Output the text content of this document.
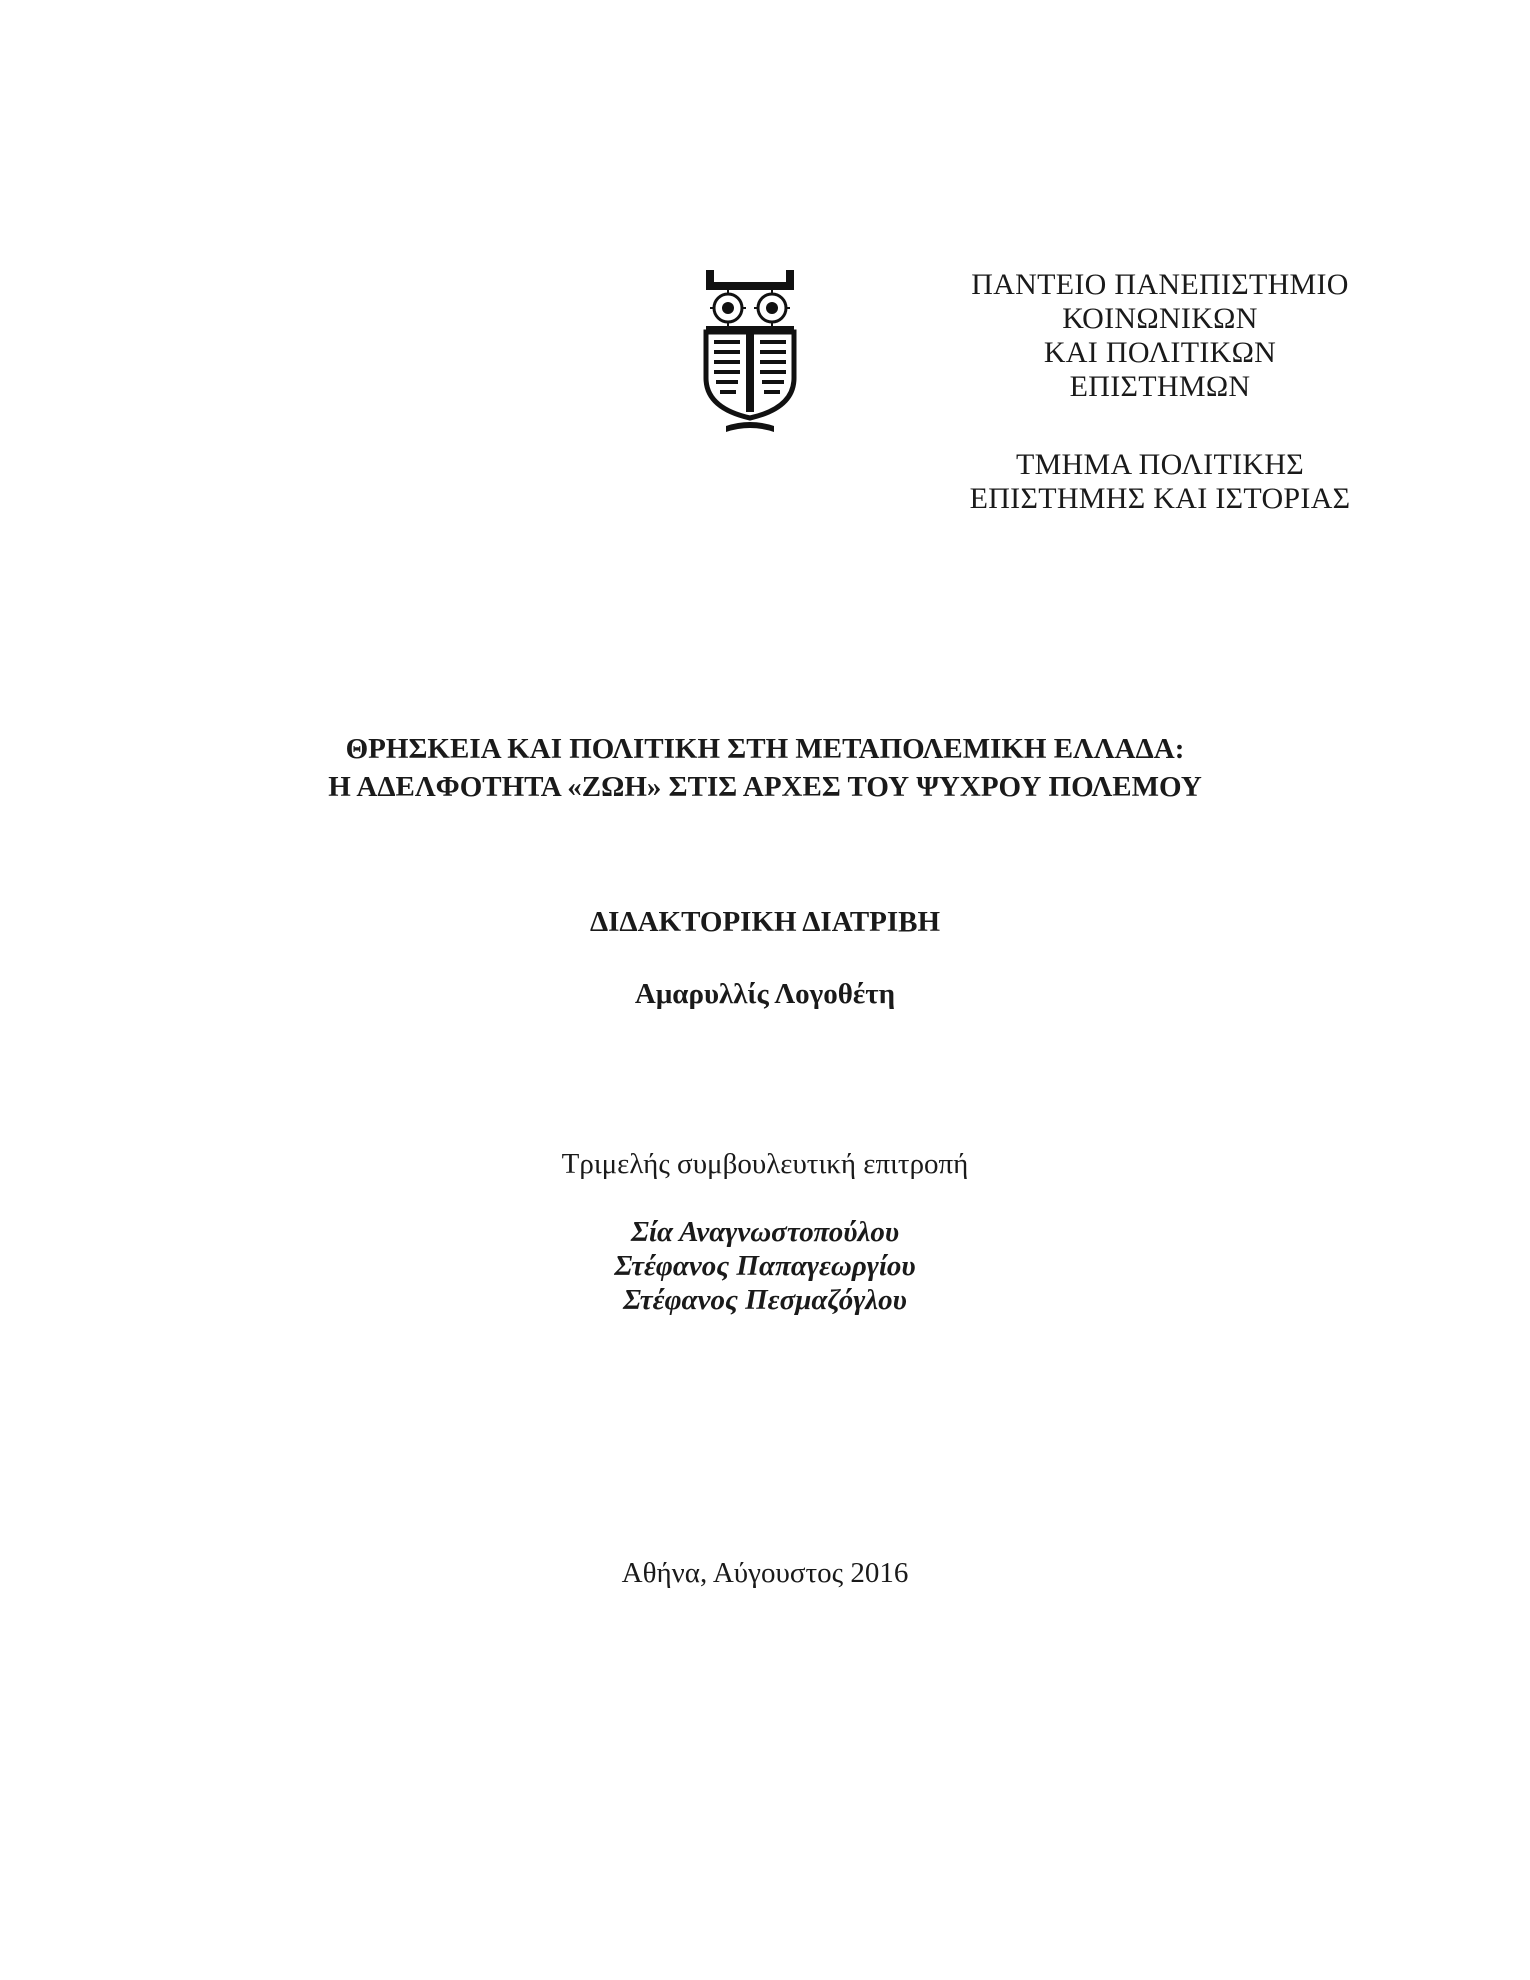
ΠΑΝΤΕΙΟ ΠΑΝΕΠΙΣΤΗΜΙΟ
ΚΟΙΝΩΝΙΚΩΝ
ΚΑΙ ΠΟΛΙΤΙΚΩΝ
ΕΠΙΣΤΗΜΩΝ
ΤΜΗΜΑ ΠΟΛΙΤΙΚΗΣ
ΕΠΙΣΤΗΜΗΣ ΚΑΙ ΙΣΤΟΡΙΑΣ
ΘΡΗΣΚΕΙΑ ΚΑΙ ΠΟΛΙΤΙΚΗ ΣΤΗ ΜΕΤΑΠΟΛΕΜΙΚΗ ΕΛΛΑΔΑ:
Η ΑΔΕΛΦΟΤΗΤΑ «ΖΩΗ» ΣΤΙΣ ΑΡΧΕΣ ΤΟΥ ΨΥΧΡΟΥ ΠΟΛΕΜΟΥ
ΔΙΔΑΚΤΟΡΙΚΗ ΔΙΑΤΡΙΒΗ
Αμαρυλλίς Λογοθέτη
Τριμελής συμβουλευτική επιτροπή
Σία Αναγνωστοπούλου
Στέφανος Παπαγεωργίου
Στέφανος Πεσμαζόγλου
Αθήνα, Αύγουστος 2016
